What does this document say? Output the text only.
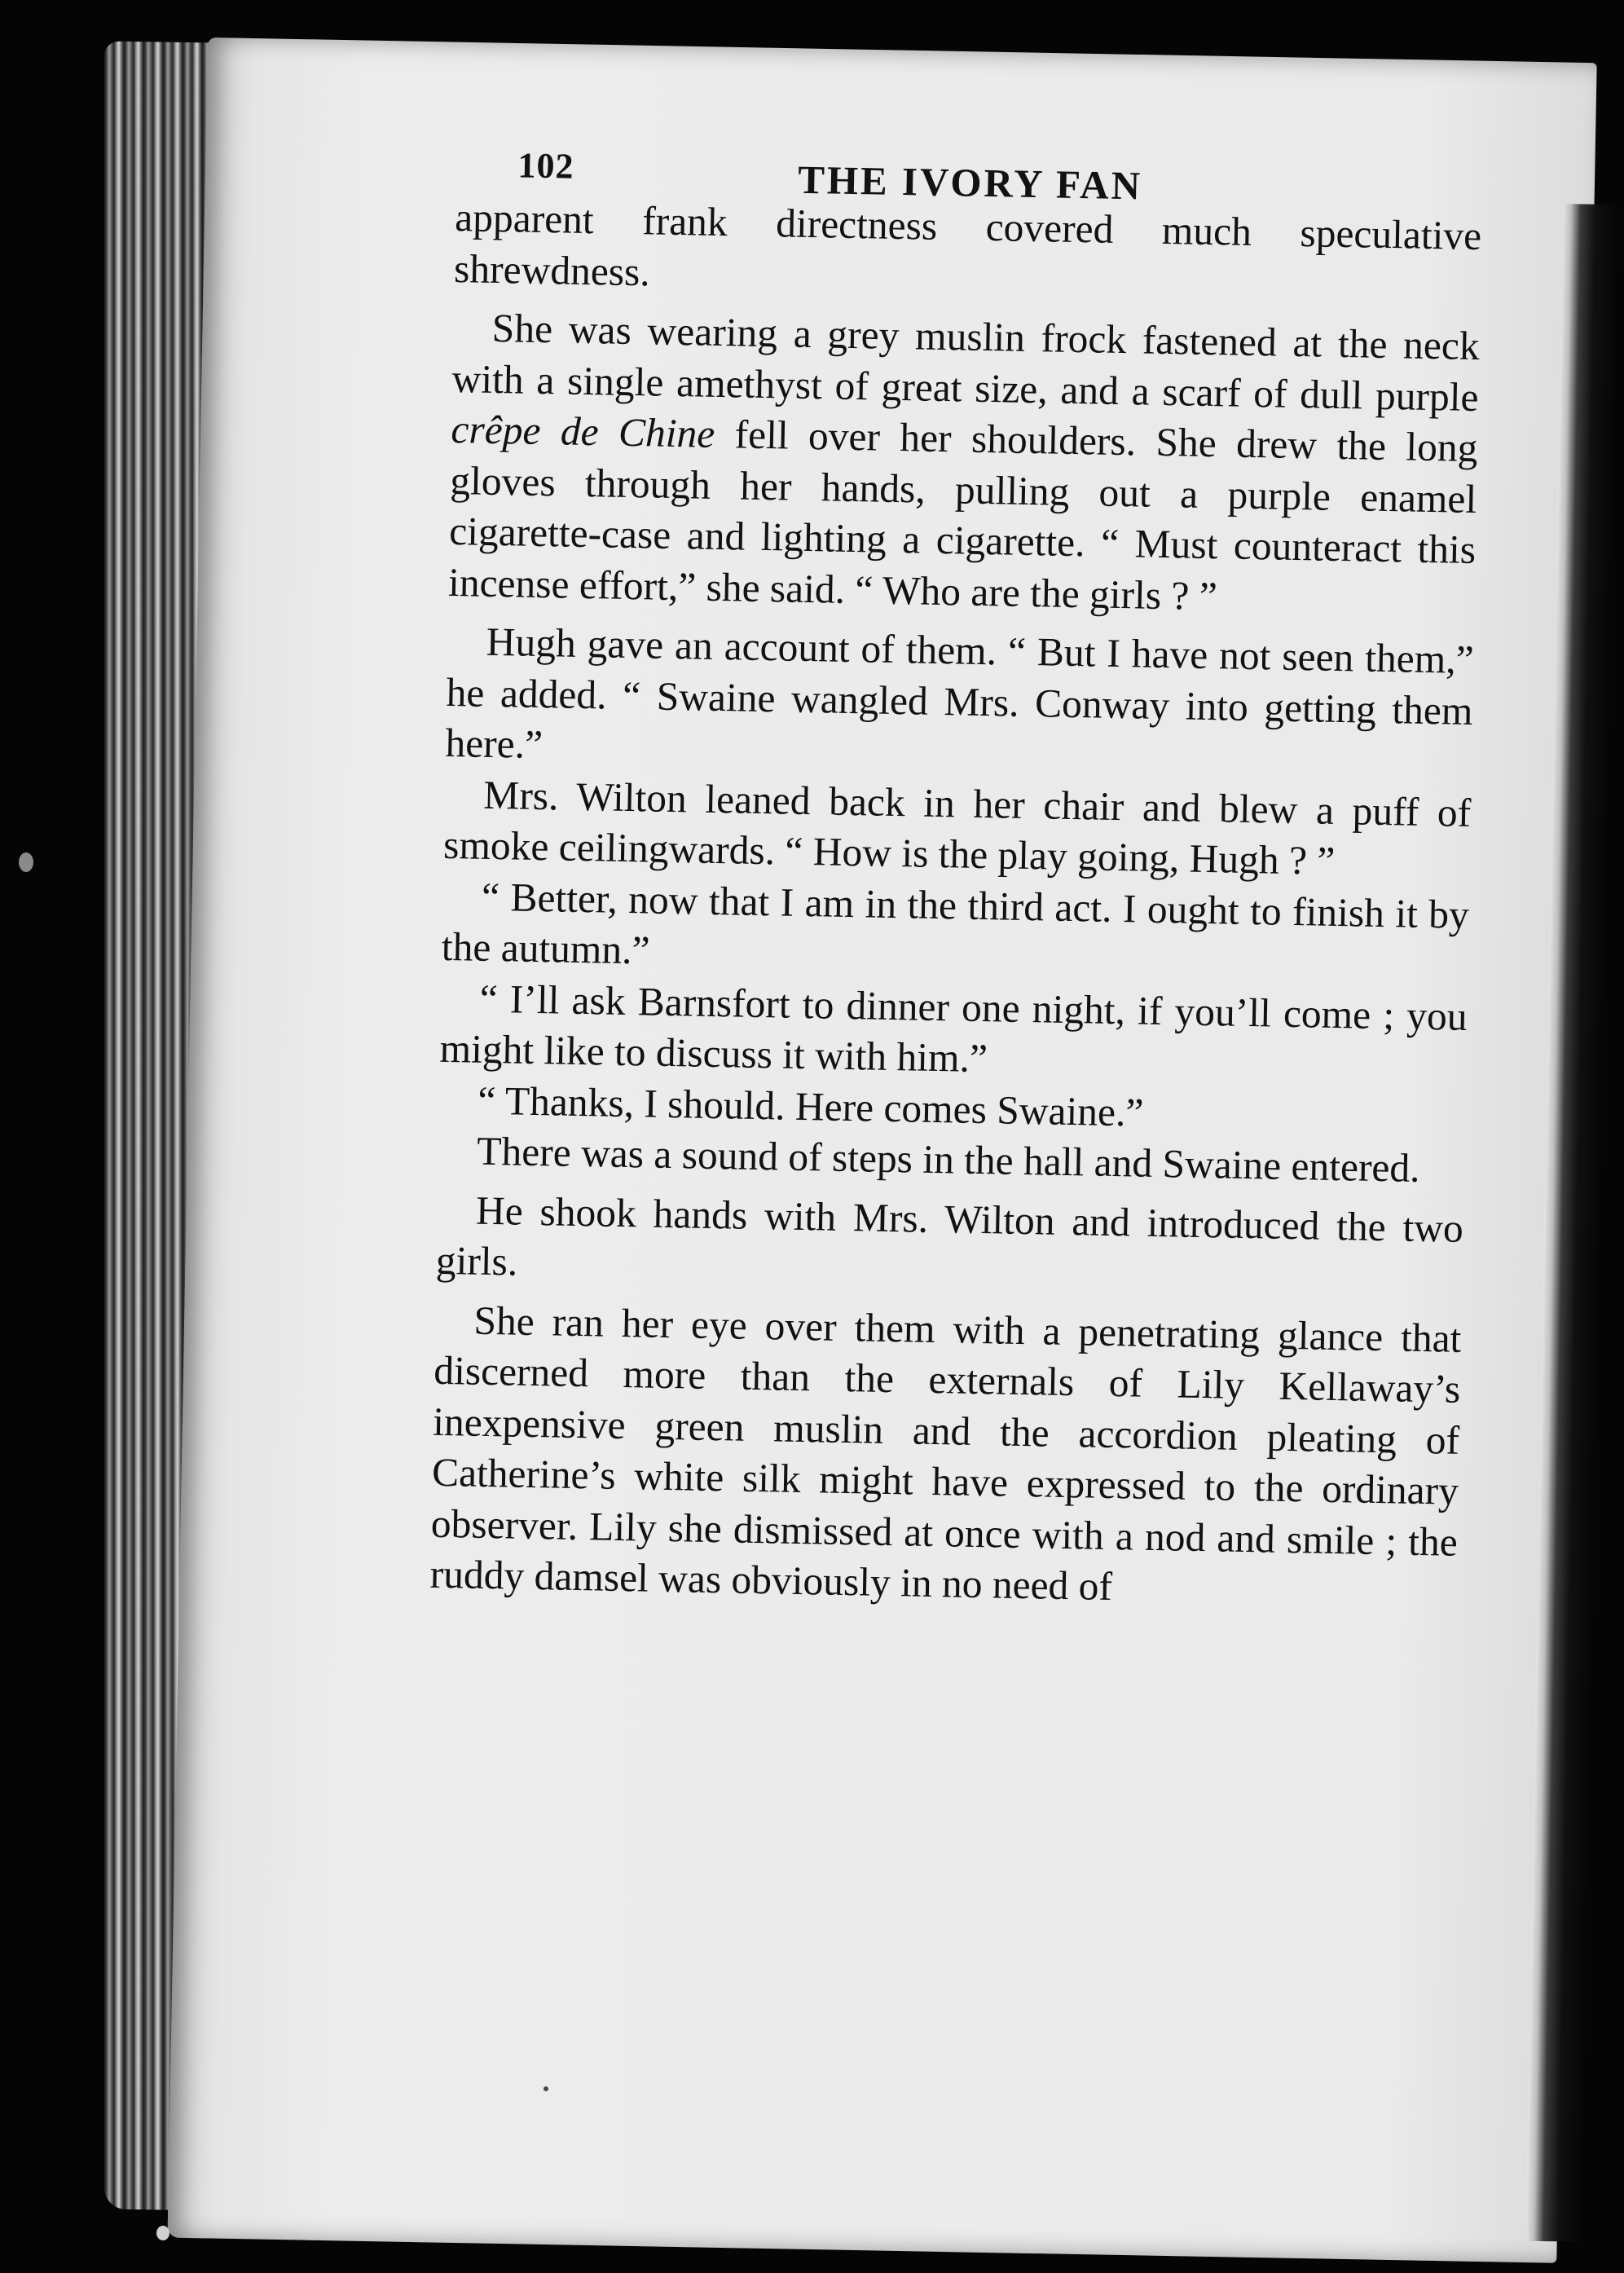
102	THE IVORY FAN

apparent frank directness covered much speculative shrewdness.

She was wearing a grey muslin frock fastened at the neck with a single amethyst of great size, and a scarf of dull purple crêpe de Chine fell over her shoulders. She drew the long gloves through her hands, pulling out a purple enamel cigarette-case and lighting a cigarette. “ Must counteract this incense effort,” she said. “ Who are the girls ? ”

Hugh gave an account of them. “ But I have not seen them,” he added. “ Swaine wangled Mrs. Conway into getting them here.”

Mrs. Wilton leaned back in her chair and blew a puff of smoke ceilingwards. “ How is the play going, Hugh ? ”

“ Better, now that I am in the third act. I ought to finish it by the autumn.”

“ I’ll ask Barnsfort to dinner one night, if you’ll come ; you might like to discuss it with him.”

“ Thanks, I should. Here comes Swaine.”

There was a sound of steps in the hall and Swaine entered.

He shook hands with Mrs. Wilton and introduced the two girls.

She ran her eye over them with a penetrating glance that discerned more than the externals of Lily Kellaway’s inexpensive green muslin and the accordion pleating of Catherine’s white silk might have expressed to the ordinary observer. Lily she dismissed at once with a nod and smile ; the ruddy damsel was obviously in no need of
